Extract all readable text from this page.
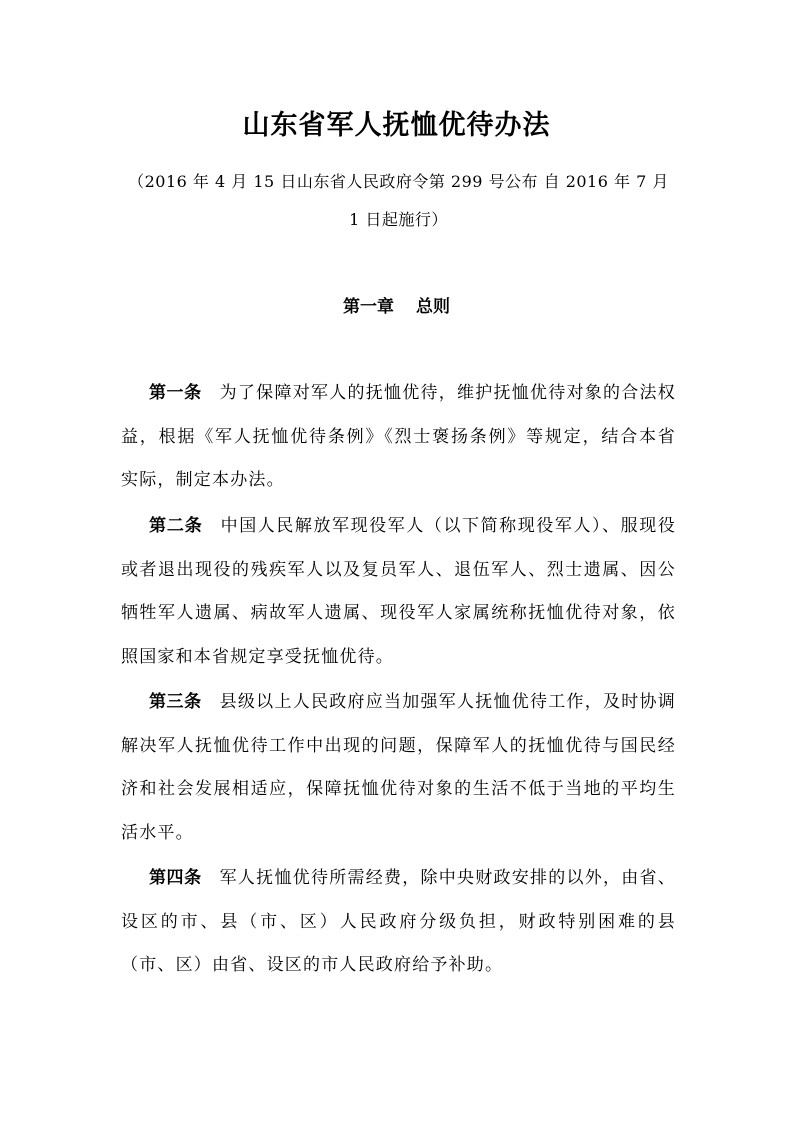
山东省军人抚恤优待办法

（2016 年 4 月 15 日山东省人民政府令第 299 号公布 自 2016 年 7 月 1 日起施行）

第一章 总则

第一条 为了保障对军人的抚恤优待，维护抚恤优待对象的合法权益，根据《军人抚恤优待条例》《烈士褒扬条例》等规定，结合本省实际，制定本办法。

第二条 中国人民解放军现役军人（以下简称现役军人）、服现役或者退出现役的残疾军人以及复员军人、退伍军人、烈士遗属、因公牺牲军人遗属、病故军人遗属、现役军人家属统称抚恤优待对象，依照国家和本省规定享受抚恤优待。

第三条 县级以上人民政府应当加强军人抚恤优待工作，及时协调解决军人抚恤优待工作中出现的问题，保障军人的抚恤优待与国民经济和社会发展相适应，保障抚恤优待对象的生活不低于当地的平均生活水平。

第四条 军人抚恤优待所需经费，除中央财政安排的以外，由省、设区的市、县（市、区）人民政府分级负担，财政特别困难的县（市、区）由省、设区的市人民政府给予补助。
